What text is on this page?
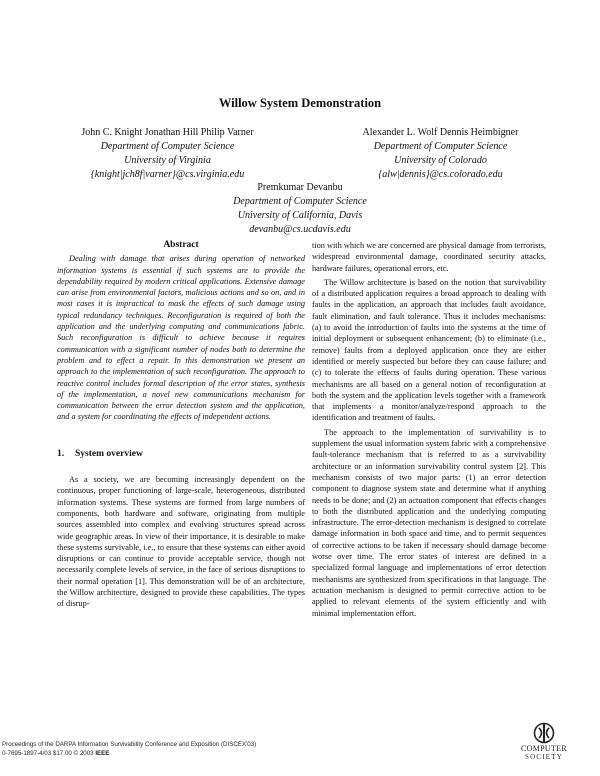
Willow System Demonstration
John C. Knight Jonathan Hill Philip Varner
Department of Computer Science
University of Virginia
{knight|jch8f|varner}@cs.virginia.edu
Alexander L. Wolf Dennis Heimbigner
Department of Computer Science
University of Colorado
{alw|dennis}@cs.colorado.edu
Premkumar Devanbu
Department of Computer Science
University of California, Davis
devanbu@cs.ucdavis.edu
Abstract

Dealing with damage that arises during operation of networked information systems is essential if such systems are to provide the dependability required by modern critical applications. Extensive damage can arise from environmental factors, malicious actions and so on, and in most cases it is impractical to mask the effects of such damage using typical redundancy techniques. Reconfiguration is required of both the application and the underlying computing and communications fabric. Such reconfiguration is difficult to achieve because it requires communication with a significant number of nodes both to determine the problem and to effect a repair. In this demonstration we present an approach to the implementation of such reconfiguration. The approach to reactive control includes formal description of the error states, synthesis of the implementation, a novel new communications mechanism for communication between the error detection system and the application, and a system for coordinating the effects of independent actions.

1. System overview

As a society, we are becoming increasingly dependent on the continuous, proper functioning of large-scale, heterogeneous, distributed information systems. These systems are formed from large numbers of components, both hardware and software, originating from multiple sources assembled into complex and evolving structures spread across wide geographic areas. In view of their importance, it is desirable to make these systems survivable, i.e., to ensure that these systems can either avoid disruptions or can continue to provide acceptable service, though not necessarily complete levels of service, in the face of serious disruptions to their normal operation [1]. This demonstration will be of an architecture, the Willow architecture, designed to provide these capabilities. The types of disrup-

tion with which we are concerned are physical damage from terrorists, widespread environmental damage, coordinated security attacks, hardware failures, operational errors, etc.

The Willow architecture is based on the notion that survivability of a distributed application requires a broad approach to dealing with faults in the application, an approach that includes fault avoidance, fault elimination, and fault tolerance. Thus it includes mechanisms: (a) to avoid the introduction of faults into the systems at the time of initial deployment or subsequent enhancement; (b) to eliminate (i.e., remove) faults from a deployed application once they are either identified or merely suspected but before they can cause failure; and (c) to tolerate the effects of faults during operation. These various mechanisms are all based on a general notion of reconfiguration at both the system and the application levels together with a framework that implements a monitor/analyze/respond approach to the identification and treatment of faults.

The approach to the implementation of survivability is to supplement the usual information system fabric with a comprehensive fault-tolerance mechanism that is referred to as a survivability architecture or an information survivability control system [2]. This mechanism consists of two major parts: (1) an error detection component to diagnose system state and determine what if anything needs to be done; and (2) an actuation component that effects changes to both the distributed application and the underlying computing infrastructure. The error-detection mechanism is designed to correlate damage information in both space and time, and to permit sequences of corrective actions to be taken if necessary should damage become worse over time. The error states of interest are defined in a specialized formal language and implementations of error detection mechanisms are synthesized from specifications in that language. The actuation mechanism is designed to permit corrective action to be applied to relevant elements of the system efficiently and with minimal implementation effort.

Proceedings of the DARPA Information Survivability Conference and Exposition (DISCEX'03)
0-7695-1897-4/03 $17.00 © 2003 IEEE
COMPUTER
SOCIETY
